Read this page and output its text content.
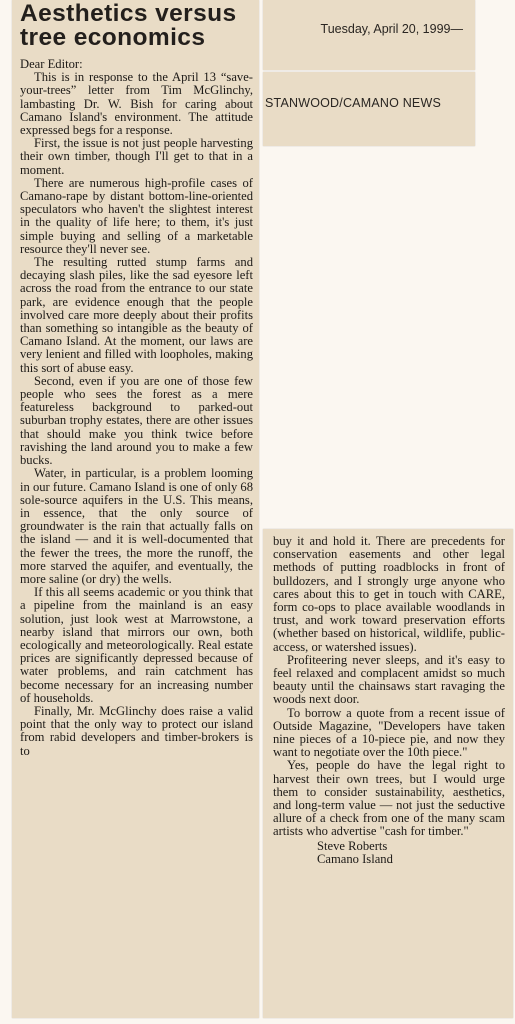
Aesthetics versus tree economics

Dear Editor:

This is in response to the April 13 “save-your-trees” letter from Tim McGlinchy, lambasting Dr. W. Bish for caring about Camano Island's environment. The attitude expressed begs for a response.

First, the issue is not just people harvesting their own timber, though I'll get to that in a moment.

There are numerous high-profile cases of Camano-rape by distant bottom-line-oriented speculators who haven't the slightest interest in the quality of life here; to them, it's just simple buying and selling of a marketable resource they'll never see.

The resulting rutted stump farms and decaying slash piles, like the sad eyesore left across the road from the entrance to our state park, are evidence enough that the people involved care more deeply about their profits than something so intangible as the beauty of Camano Island. At the moment, our laws are very lenient and filled with loopholes, making this sort of abuse easy.

Second, even if you are one of those few people who sees the forest as a mere featureless background to parked-out suburban trophy estates, there are other issues that should make you think twice before ravishing the land around you to make a few bucks.

Water, in particular, is a problem looming in our future. Camano Island is one of only 68 sole-source aquifers in the U.S. This means, in essence, that the only source of groundwater is the rain that actually falls on the island — and it is well-documented that the fewer the trees, the more the runoff, the more starved the aquifer, and eventually, the more saline (or dry) the wells.

If this all seems academic or you think that a pipeline from the mainland is an easy solution, just look west at Marrowstone, a nearby island that mirrors our own, both ecologically and meteorologically. Real estate prices are significantly depressed because of water problems, and rain catchment has become necessary for an increasing number of households.

Finally, Mr. McGlinchy does raise a valid point that the only way to protect our island from rabid developers and timber-brokers is to

Tuesday, April 20, 1999—
STANWOOD/CAMANO NEWS

buy it and hold it. There are precedents for conservation easements and other legal methods of putting roadblocks in front of bulldozers, and I strongly urge anyone who cares about this to get in touch with CARE, form co-ops to place available woodlands in trust, and work toward preservation efforts (whether based on historical, wildlife, public-access, or watershed issues).

Profiteering never sleeps, and it's easy to feel relaxed and complacent amidst so much beauty until the chainsaws start ravaging the woods next door.

To borrow a quote from a recent issue of Outside Magazine, "Developers have taken nine pieces of a 10-piece pie, and now they want to negotiate over the 10th piece."

Yes, people do have the legal right to harvest their own trees, but I would urge them to consider sustainability, aesthetics, and long-term value — not just the seductive allure of a check from one of the many scam artists who advertise "cash for timber."

Steve Roberts
Camano Island
